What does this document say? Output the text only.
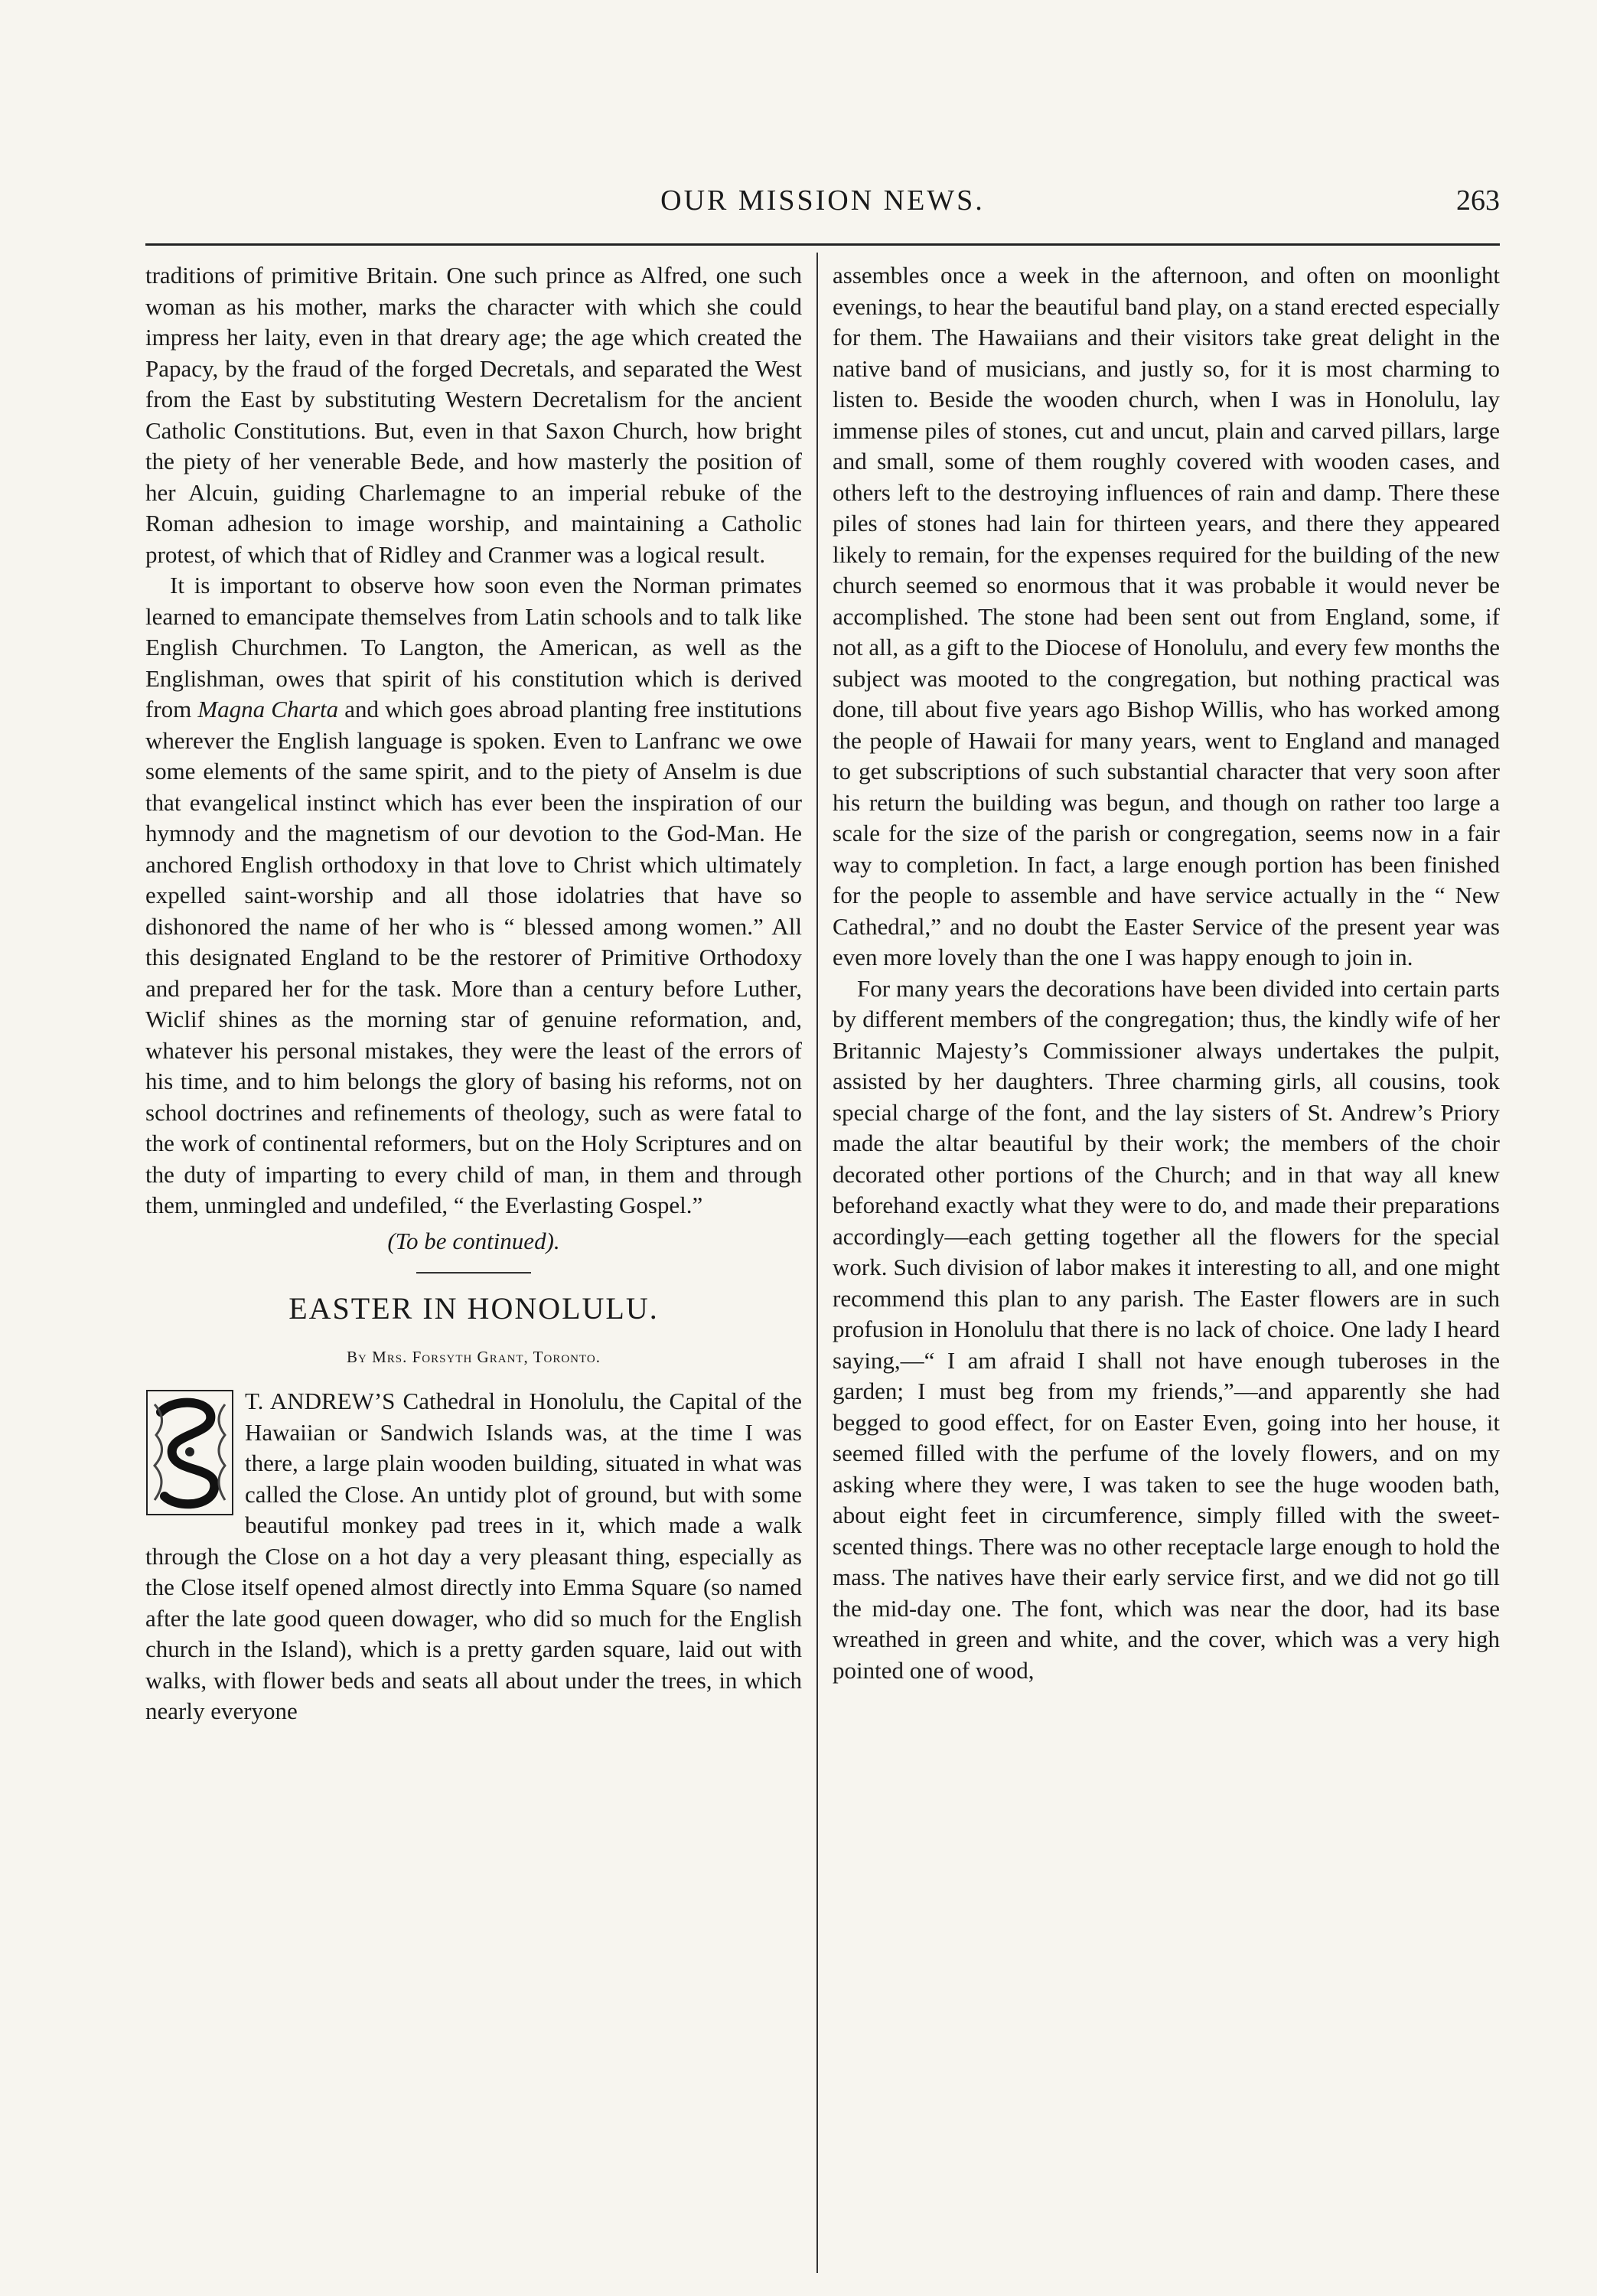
OUR MISSION NEWS.	263

traditions of primitive Britain. One such prince as Alfred, one such woman as his mother, marks the character with which she could impress her laity, even in that dreary age; the age which created the Papacy, by the fraud of the forged Decretals, and separated the West from the East by substituting Western Decretalism for the ancient Catholic Constitutions. But, even in that Saxon Church, how bright the piety of her venerable Bede, and how masterly the position of her Alcuin, guiding Charlemagne to an imperial rebuke of the Roman adhesion to image worship, and maintaining a Catholic protest, of which that of Ridley and Cranmer was a logical result.

It is important to observe how soon even the Norman primates learned to emancipate themselves from Latin schools and to talk like English Churchmen. To Langton, the American, as well as the Englishman, owes that spirit of his constitution which is derived from Magna Charta and which goes abroad planting free institutions wherever the English language is spoken. Even to Lanfranc we owe some elements of the same spirit, and to the piety of Anselm is due that evangelical instinct which has ever been the inspiration of our hymnody and the magnetism of our devotion to the God-Man. He anchored English orthodoxy in that love to Christ which ultimately expelled saint-worship and all those idolatries that have so dishonored the name of her who is “ blessed among women.” All this designated England to be the restorer of Primitive Orthodoxy and prepared her for the task. More than a century before Luther, Wiclif shines as the morning star of genuine reformation, and, whatever his personal mistakes, they were the least of the errors of his time, and to him belongs the glory of basing his reforms, not on school doctrines and refinements of theology, such as were fatal to the work of continental reformers, but on the Holy Scriptures and on the duty of imparting to every child of man, in them and through them, unmingled and undefiled, “ the Everlasting Gospel.”

(To be continued).
EASTER IN HONOLULU.
By Mrs. Forsyth Grant, Toronto.

T. ANDREW’S Cathedral in Honolulu, the Capital of the Hawaiian or Sandwich Islands was, at the time I was there, a large plain wooden building, situated in what was called the Close. An untidy plot of ground, but with some beautiful monkey pad trees in it, which made a walk through the Close on a hot day a very pleasant thing, especially as the Close itself opened almost directly into Emma Square (so named after the late good queen dowager, who did so much for the English church in the Island), which is a pretty garden square, laid out with walks, with flower beds and seats all about under the trees, in which nearly everyone

assembles once a week in the afternoon, and often on moonlight evenings, to hear the beautiful band play, on a stand erected especially for them. The Hawaiians and their visitors take great delight in the native band of musicians, and justly so, for it is most charming to listen to. Beside the wooden church, when I was in Honolulu, lay immense piles of stones, cut and uncut, plain and carved pillars, large and small, some of them roughly covered with wooden cases, and others left to the destroying influences of rain and damp. There these piles of stones had lain for thirteen years, and there they appeared likely to remain, for the expenses required for the building of the new church seemed so enormous that it was probable it would never be accomplished. The stone had been sent out from England, some, if not all, as a gift to the Diocese of Honolulu, and every few months the subject was mooted to the congregation, but nothing practical was done, till about five years ago Bishop Willis, who has worked among the people of Hawaii for many years, went to England and managed to get subscriptions of such substantial character that very soon after his return the building was begun, and though on rather too large a scale for the size of the parish or congregation, seems now in a fair way to completion. In fact, a large enough portion has been finished for the people to assemble and have service actually in the “ New Cathedral,” and no doubt the Easter Service of the present year was even more lovely than the one I was happy enough to join in.

For many years the decorations have been divided into certain parts by different members of the congregation; thus, the kindly wife of her Britannic Majesty’s Commissioner always undertakes the pulpit, assisted by her daughters. Three charming girls, all cousins, took special charge of the font, and the lay sisters of St. Andrew’s Priory made the altar beautiful by their work; the members of the choir decorated other portions of the Church; and in that way all knew beforehand exactly what they were to do, and made their preparations accordingly—each getting together all the flowers for the special work. Such division of labor makes it interesting to all, and one might recommend this plan to any parish. The Easter flowers are in such profusion in Honolulu that there is no lack of choice. One lady I heard saying,—“ I am afraid I shall not have enough tuberoses in the garden; I must beg from my friends,”—and apparently she had begged to good effect, for on Easter Even, going into her house, it seemed filled with the perfume of the lovely flowers, and on my asking where they were, I was taken to see the huge wooden bath, about eight feet in circumference, simply filled with the sweet-scented things. There was no other receptacle large enough to hold the mass. The natives have their early service first, and we did not go till the mid-day one. The font, which was near the door, had its base wreathed in green and white, and the cover, which was a very high pointed one of wood,
